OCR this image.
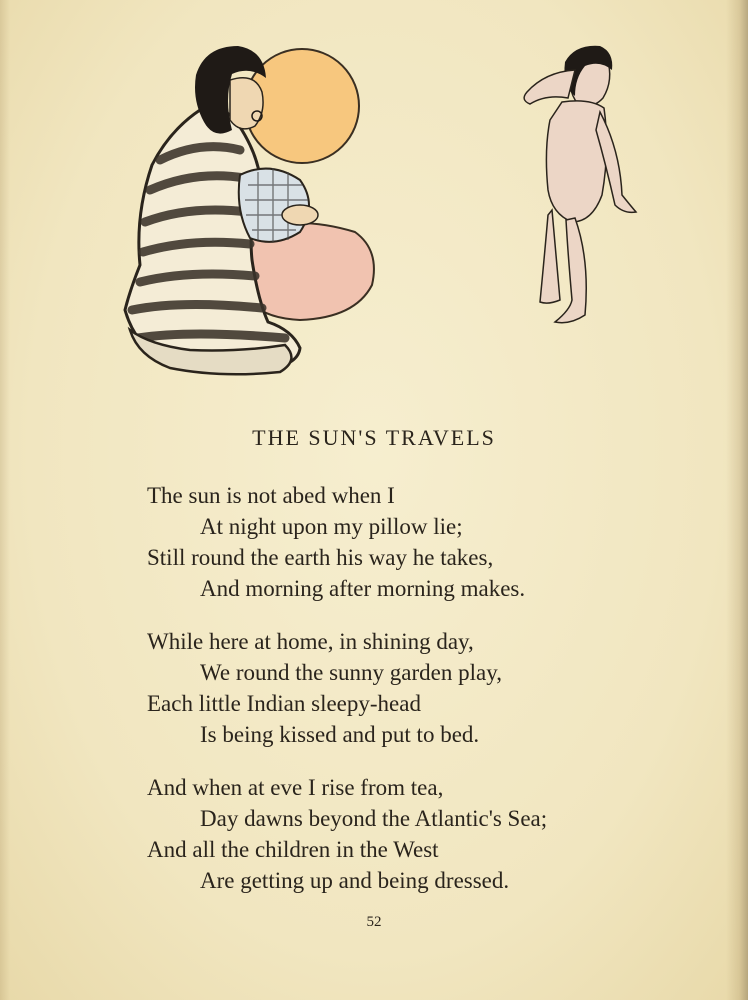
THE SUN'S TRAVELS
The sun is not abed when I
At night upon my pillow lie;
Still round the earth his way he takes,
And morning after morning makes.
While here at home, in shining day,
We round the sunny garden play,
Each little Indian sleepy-head
Is being kissed and put to bed.
And when at eve I rise from tea,
Day dawns beyond the Atlantic's Sea;
And all the children in the West
Are getting up and being dressed.
52
